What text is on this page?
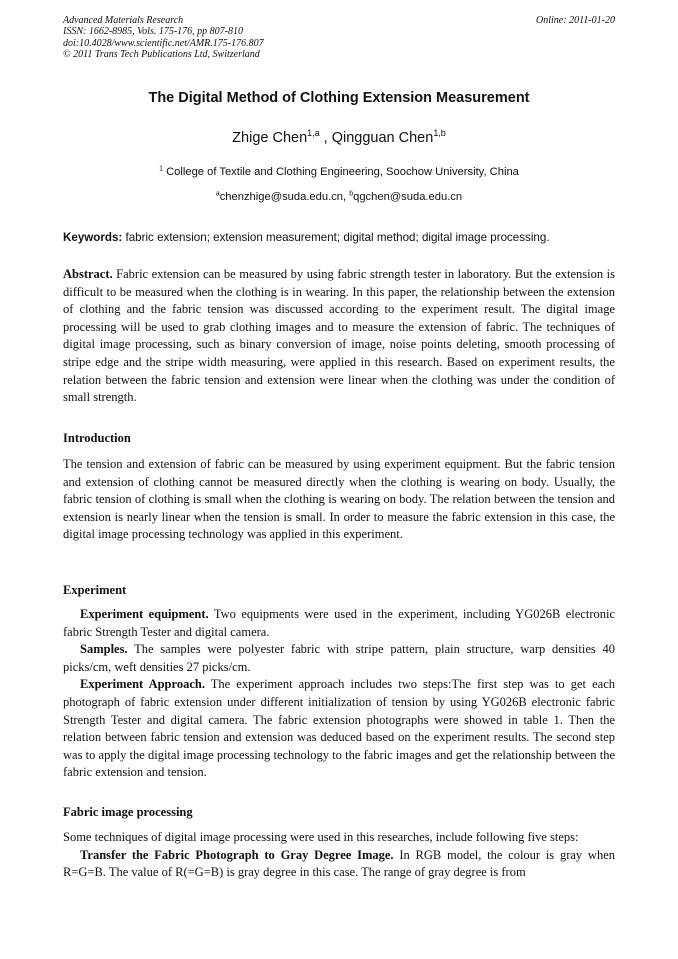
Advanced Materials Research
ISSN: 1662-8985, Vols. 175-176, pp 807-810
doi:10.4028/www.scientific.net/AMR.175-176.807
© 2011 Trans Tech Publications Ltd, Switzerland
Online: 2011-01-20
The Digital Method of Clothing Extension Measurement
Zhige Chen$^{1,a}$ , Qingguan Chen$^{1,b}$
$^1$ College of Textile and Clothing Engineering, Soochow University, China
$^a$chenzhige@suda.edu.cn, $^b$qgchen@suda.edu.cn
Keywords: fabric extension; extension measurement; digital method; digital image processing.
Abstract. Fabric extension can be measured by using fabric strength tester in laboratory. But the extension is difficult to be measured when the clothing is in wearing. In this paper, the relationship between the extension of clothing and the fabric tension was discussed according to the experiment result. The digital image processing will be used to grab clothing images and to measure the extension of fabric. The techniques of digital image processing, such as binary conversion of image, noise points deleting, smooth processing of stripe edge and the stripe width measuring, were applied in this research. Based on experiment results, the relation between the fabric tension and extension were linear when the clothing was under the condition of small strength.
Introduction
The tension and extension of fabric can be measured by using experiment equipment. But the fabric tension and extension of clothing cannot be measured directly when the clothing is wearing on body. Usually, the fabric tension of clothing is small when the clothing is wearing on body. The relation between the tension and extension is nearly linear when the tension is small. In order to measure the fabric extension in this case, the digital image processing technology was applied in this experiment.
Experiment
Experiment equipment. Two equipments were used in the experiment, including YG026B electronic fabric Strength Tester and digital camera.
Samples. The samples were polyester fabric with stripe pattern, plain structure, warp densities 40 picks/cm, weft densities 27 picks/cm.
Experiment Approach. The experiment approach includes two steps:The first step was to get each photograph of fabric extension under different initialization of tension by using YG026B electronic fabric Strength Tester and digital camera. The fabric extension photographs were showed in table 1. Then the relation between fabric tension and extension was deduced based on the experiment results. The second step was to apply the digital image processing technology to the fabric images and get the relationship between the fabric extension and tension.
Fabric image processing
Some techniques of digital image processing were used in this researches, include following five steps:
Transfer the Fabric Photograph to Gray Degree Image. In RGB model, the colour is gray when R=G=B. The value of R(=G=B) is gray degree in this case. The range of gray degree is from
